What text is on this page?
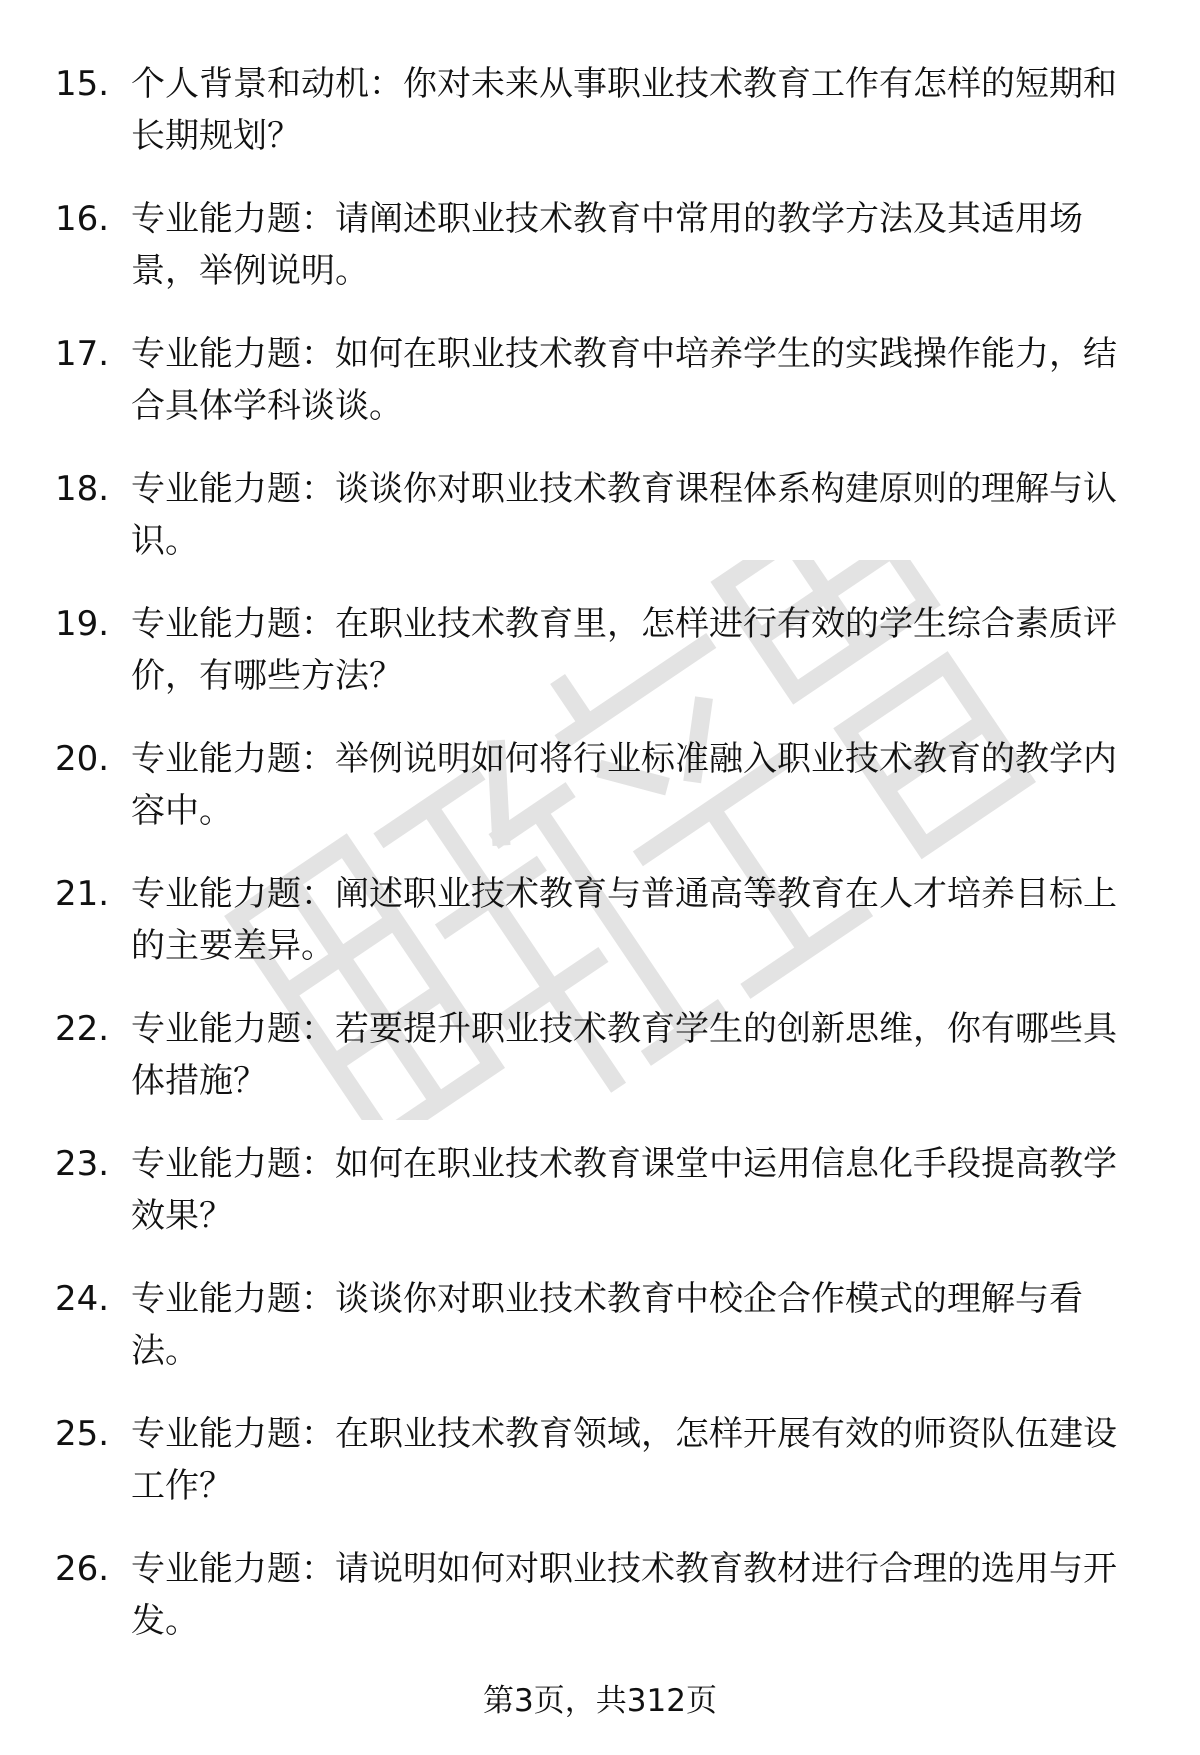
15. 个人背景和动机：你对未来从事职业技术教育工作有怎样的短期和长期规划？
16. 专业能力题：请阐述职业技术教育中常用的教学方法及其适用场景，举例说明。
17. 专业能力题：如何在职业技术教育中培养学生的实践操作能力，结合具体学科谈谈。
18. 专业能力题：谈谈你对职业技术教育课程体系构建原则的理解与认识。
19. 专业能力题：在职业技术教育里，怎样进行有效的学生综合素质评价，有哪些方法？
20. 专业能力题：举例说明如何将行业标准融入职业技术教育的教学内容中。
21. 专业能力题：阐述职业技术教育与普通高等教育在人才培养目标上的主要差异。
22. 专业能力题：若要提升职业技术教育学生的创新思维，你有哪些具体措施？
23. 专业能力题：如何在职业技术教育课堂中运用信息化手段提高教学效果？
24. 专业能力题：谈谈你对职业技术教育中校企合作模式的理解与看法。
25. 专业能力题：在职业技术教育领域，怎样开展有效的师资队伍建设工作？
26. 专业能力题：请说明如何对职业技术教育教材进行合理的选用与开发。
第3页，共312页
